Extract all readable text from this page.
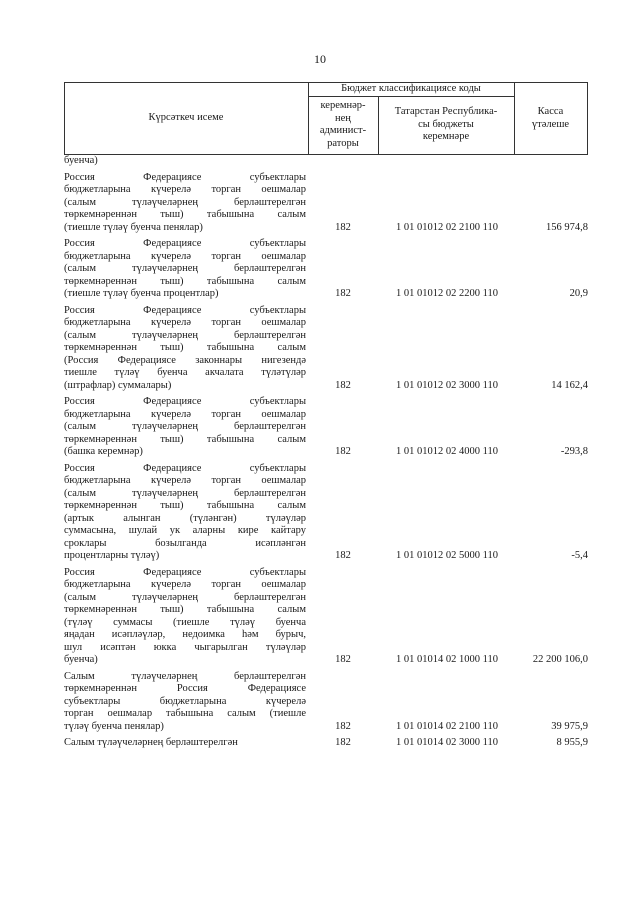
10
Күрсәткеч исеме
Бюджет классификациясе коды
керемнәр-
нең
админист-
раторы
Татарстан Республика-
сы бюджеты
керемнәре
Касса
үтәлеше
буенча)
Россия Федерациясе субъектлары
бюджетларына күчерелә торган оешмалар
(салым түләүчеләрнең берләштерелгән
төркемнәреннән тыш) табышына салым
(тиешле түләү буенча пенялар)	182	1 01 01012 02 2100 110	156 974,8
Россия Федерациясе субъектлары
бюджетларына күчерелә торган оешмалар
(салым түләүчеләрнең берләштерелгән
төркемнәреннән тыш) табышына салым
(тиешле түләү буенча процентлар)	182	1 01 01012 02 2200 110	20,9
Россия Федерациясе субъектлары
бюджетларына күчерелә торган оешмалар
(салым түләүчеләрнең берләштерелгән
төркемнәреннән тыш) табышына салым
(Россия Федерациясе законнары нигезендә
тиешле түләү буенча акчалата түләтүләр
(штрафлар) суммалары)	182	1 01 01012 02 3000 110	14 162,4
Россия Федерациясе субъектлары
бюджетларына күчерелә торган оешмалар
(салым түләүчеләрнең берләштерелгән
төркемнәреннән тыш) табышына салым
(башка керемнәр)	182	1 01 01012 02 4000 110	-293,8
Россия Федерациясе субъектлары
бюджетларына күчерелә торган оешмалар
(салым түләүчеләрнең берләштерелгән
төркемнәреннән тыш) табышына салым
(артык алынган (түләнгән) түләүләр
суммасына, шулай ук аларны кире кайтару
сроклары бозылганда исәпләнгән
процентларны түләү)	182	1 01 01012 02 5000 110	-5,4
Россия Федерациясе субъектлары
бюджетларына күчерелә торган оешмалар
(салым түләүчеләрнең берләштерелгән
төркемнәреннән тыш) табышына салым
(түләү суммасы (тиешле түләү буенча
яңадан исәпләүләр, недоимка һәм бурыч,
шул исәптән юкка чыгарылган түләүләр
буенча)	182	1 01 01014 02 1000 110	22 200 106,0
Салым түләүчеләрнең берләштерелгән
төркемнәреннән Россия Федерациясе
субъектлары бюджетларына күчерелә
торган оешмалар табышына салым (тиешле
түләү буенча пенялар)	182	1 01 01014 02 2100 110	39 975,9
Салым түләүчеләрнең берләштерелгән	182	1 01 01014 02 3000 110	8 955,9
